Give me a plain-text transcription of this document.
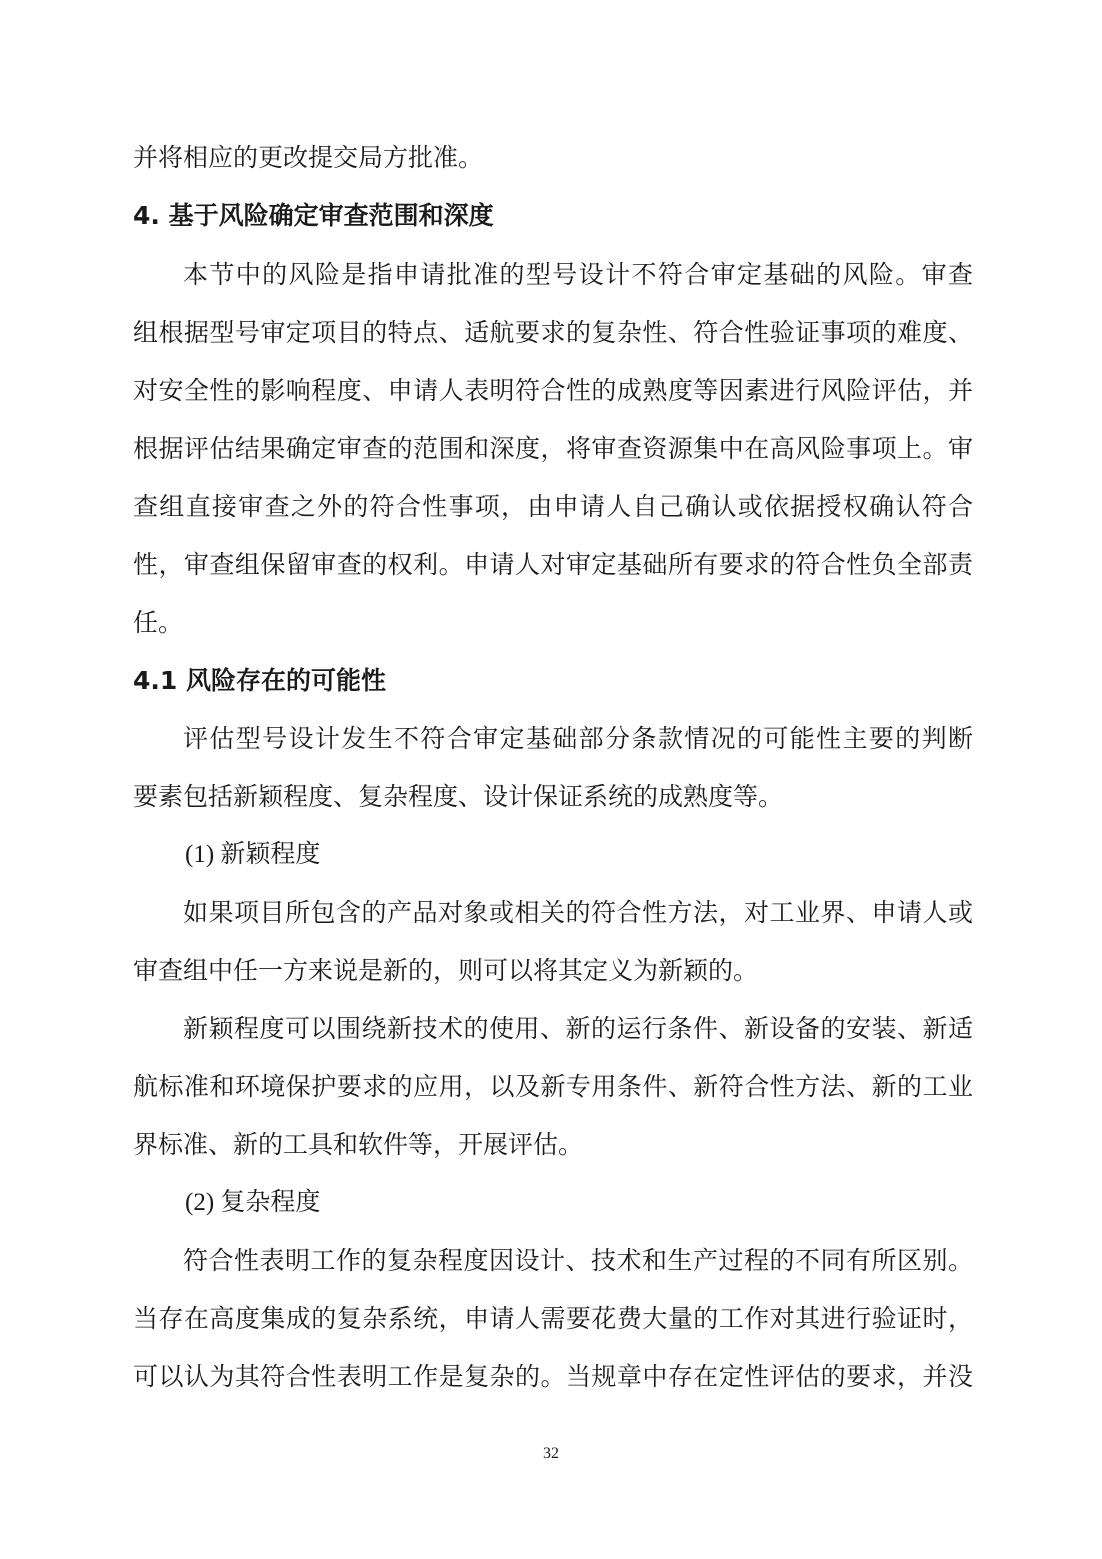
并将相应的更改提交局方批准。
4. 基于风险确定审查范围和深度
本节中的风险是指申请批准的型号设计不符合审定基础的风险。审查
组根据型号审定项目的特点、适航要求的复杂性、符合性验证事项的难度、
对安全性的影响程度、申请人表明符合性的成熟度等因素进行风险评估，并
根据评估结果确定审查的范围和深度，将审查资源集中在高风险事项上。审
查组直接审查之外的符合性事项，由申请人自己确认或依据授权确认符合
性，审查组保留审查的权利。申请人对审定基础所有要求的符合性负全部责
任。
4.1 风险存在的可能性
评估型号设计发生不符合审定基础部分条款情况的可能性主要的判断
要素包括新颖程度、复杂程度、设计保证系统的成熟度等。
(1) 新颖程度
如果项目所包含的产品对象或相关的符合性方法，对工业界、申请人或
审查组中任一方来说是新的，则可以将其定义为新颖的。
新颖程度可以围绕新技术的使用、新的运行条件、新设备的安装、新适
航标准和环境保护要求的应用，以及新专用条件、新符合性方法、新的工业
界标准、新的工具和软件等，开展评估。
(2) 复杂程度
符合性表明工作的复杂程度因设计、技术和生产过程的不同有所区别。
当存在高度集成的复杂系统，申请人需要花费大量的工作对其进行验证时，
可以认为其符合性表明工作是复杂的。当规章中存在定性评估的要求，并没
32
